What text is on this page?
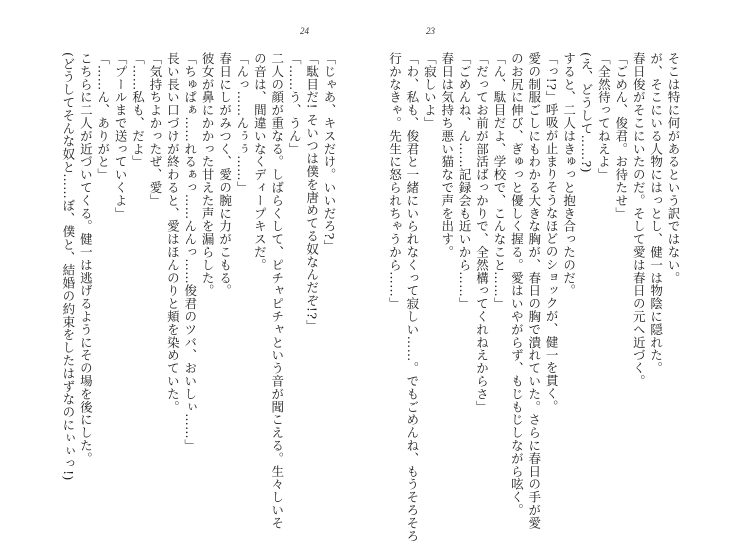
24
「じゃあ、キスだけ。いいだろ?」
「駄目だ! そいつは僕を唐めてる奴なんだぞ!?」
「……う、うん」
二人の顔が重なる。しばらくして、ピチャピチャという音が聞こえる。生々しいそ
の音は、間違いなくディープキスだ。
「んっ……んぅぅ……」
春日にしがみつく、愛の腕に力がこもる。
彼女が鼻にかかった甘えた声を漏らした。
「ちゅぱぁ……れるぁっ……んんっ……俊君のツバ、おいしぃ……」
長い長い口づけが終わると、愛はほんのりと頬を染めていた。
「気持ちよかったぜ、愛」
「……私も、だよ」
「プールまで送っていくよ」
「……ん、ありがと」
こちらに二人が近づいてくる。健一は逃げるようにその場を後にした。
(どうしてそんな奴と……ぼ、僕と、結婚の約束をしたはずなのにぃぃっ!)
23
そこは特に何があるという訳ではない。
が、そこにいる人物にはっとし、健一は物陰に隠れた。
春日俊がそこにいたのだ。そして愛は春日の元へ近づく。
「ごめん、俊君。お待たせ」
「全然待ってねえよ」
(え、どうして……?)
すると、二人はきゅっと抱き合ったのだ。
「っ!?」呼吸が止まりそうなほどのショックが、健一を貫く。
愛の制服ごしにもわかる大きな胸が、春日の胸で潰れていた。さらに春日の手が愛
のお尻に伸び、ぎゅっと優しく握る。愛はいやがらず、もじもじしながら呟く。
「ん、駄目だよ、学校で、こんなこと……」
「だってお前が部活ばっかりで、全然構ってくれねえからさ」
「ごめんね、ん……記録会も近いから……」
春日は気持ち悪い猫なで声を出す。
「寂しいよ」
「わ、私も、俊君と一緒にいられなくって寂しい……。でもごめんね、もうそろそろ
行かなきゃ。先生に怒られちゃうから……」
